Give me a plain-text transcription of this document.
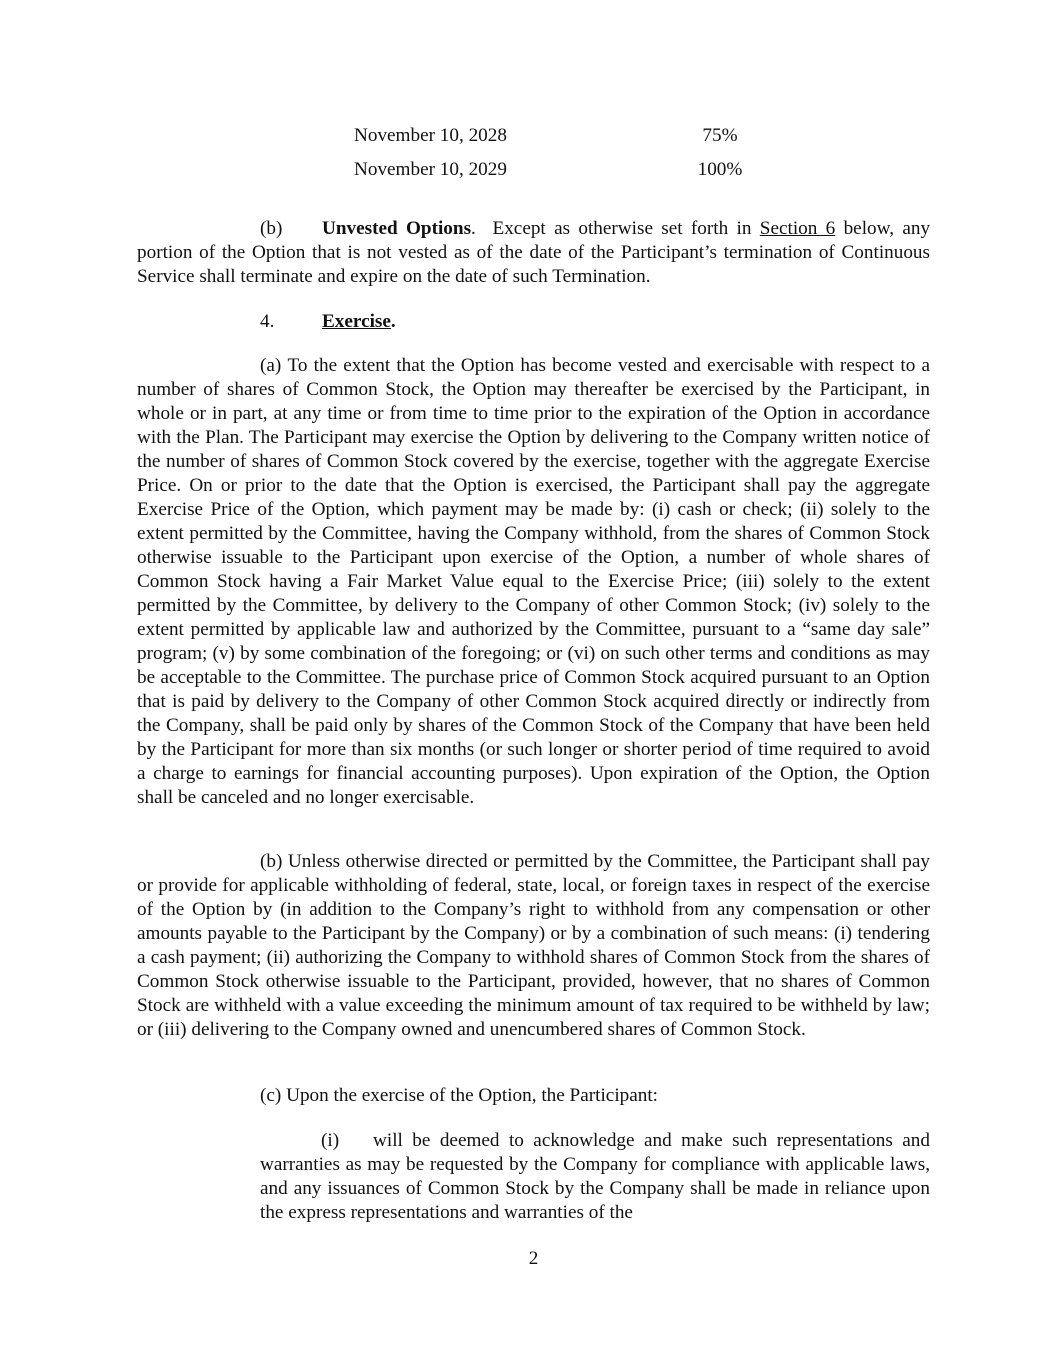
November 10, 2028	75%
November 10, 2029	100%

(b) Unvested Options. Except as otherwise set forth in Section 6 below, any portion of the Option that is not vested as of the date of the Participant’s termination of Continuous Service shall terminate and expire on the date of such Termination.

4. Exercise.

(a) To the extent that the Option has become vested and exercisable with respect to a number of shares of Common Stock, the Option may thereafter be exercised by the Participant, in whole or in part, at any time or from time to time prior to the expiration of the Option in accordance with the Plan. The Participant may exercise the Option by delivering to the Company written notice of the number of shares of Common Stock covered by the exercise, together with the aggregate Exercise Price. On or prior to the date that the Option is exercised, the Participant shall pay the aggregate Exercise Price of the Option, which payment may be made by: (i) cash or check; (ii) solely to the extent permitted by the Committee, having the Company withhold, from the shares of Common Stock otherwise issuable to the Participant upon exercise of the Option, a number of whole shares of Common Stock having a Fair Market Value equal to the Exercise Price; (iii) solely to the extent permitted by the Committee, by delivery to the Company of other Common Stock; (iv) solely to the extent permitted by applicable law and authorized by the Committee, pursuant to a “same day sale” program; (v) by some combination of the foregoing; or (vi) on such other terms and conditions as may be acceptable to the Committee. The purchase price of Common Stock acquired pursuant to an Option that is paid by delivery to the Company of other Common Stock acquired directly or indirectly from the Company, shall be paid only by shares of the Common Stock of the Company that have been held by the Participant for more than six months (or such longer or shorter period of time required to avoid a charge to earnings for financial accounting purposes). Upon expiration of the Option, the Option shall be canceled and no longer exercisable.

(b) Unless otherwise directed or permitted by the Committee, the Participant shall pay or provide for applicable withholding of federal, state, local, or foreign taxes in respect of the exercise of the Option by (in addition to the Company’s right to withhold from any compensation or other amounts payable to the Participant by the Company) or by a combination of such means: (i) tendering a cash payment; (ii) authorizing the Company to withhold shares of Common Stock from the shares of Common Stock otherwise issuable to the Participant, provided, however, that no shares of Common Stock are withheld with a value exceeding the minimum amount of tax required to be withheld by law; or (iii) delivering to the Company owned and unencumbered shares of Common Stock.

(c) Upon the exercise of the Option, the Participant:

(i) will be deemed to acknowledge and make such representations and warranties as may be requested by the Company for compliance with applicable laws, and any issuances of Common Stock by the Company shall be made in reliance upon the express representations and warranties of the

2
